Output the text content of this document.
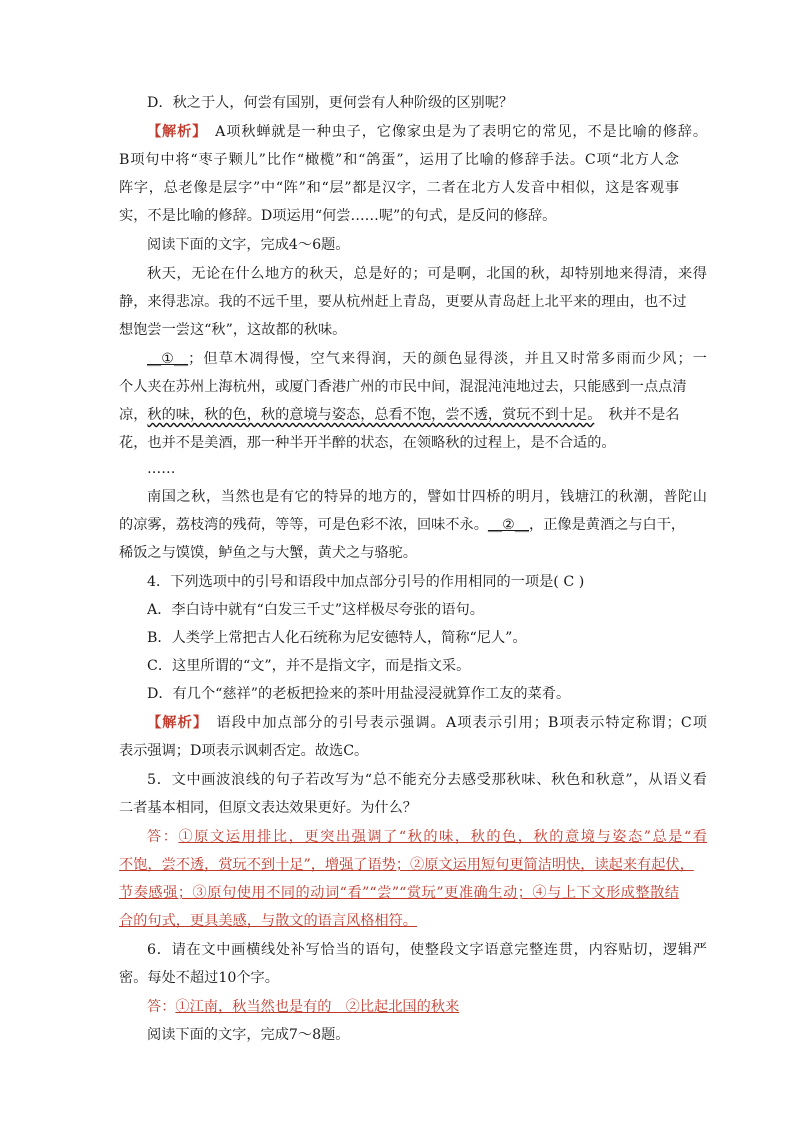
D．秋之于人，何尝有国别，更何尝有人种阶级的区别呢？
【解析】　 A项秋蝉就是一种虫子，它像家虫是为了表明它的常见，不是比喻的修辞。
B项句中将“枣子颗儿”比作“橄榄”和“鸽蛋”，运用了比喻的修辞手法。C项“北方人念
阵字，总老像是层字”中“阵”和“层”都是汉字，二者在北方人发音中相似，这是客观事
实，不是比喻的修辞。D项运用“何尝……呢”的句式，是反问的修辞。
阅读下面的文字，完成4～6题。
秋天，无论在什么地方的秋天，总是好的；可是啊，北国的秋，却特别地来得清，来得
静，来得悲凉。我的不远千里，要从杭州赶上青岛，更要从青岛赶上北平来的理由，也不过
想饱尝一尝这“秋”，这故都的秋味。
__①__；但草木凋得慢，空气来得润，天的颜色显得淡，并且又时常多雨而少风；一
个人夹在苏州上海杭州，或厦门香港广州的市民中间，混混沌沌地过去，只能感到一点点清
凉，秋的味，秋的色，秋的意境与姿态，总看不饱，尝不透，赏玩不到十足。　 秋并不是名
花，也并不是美酒，那一种半开半醉的状态，在领略秋的过程上，是不合适的。
……
南国之秋，当然也是有它的特异的地方的，譬如廿四桥的明月，钱塘江的秋潮，普陀山
的凉雾，荔枝湾的残荷，等等，可是色彩不浓，回味不永。__②__，正像是黄酒之与白干，
稀饭之与馍馍，鲈鱼之与大蟹，黄犬之与骆驼。
4．下列选项中的引号和语段中加点部分引号的作用相同的一项是( C )
A．李白诗中就有“白发三千丈”这样极尽夸张的语句。
B．人类学上常把古人化石统称为尼安德特人，简称“尼人”。
C．这里所谓的“文”，并不是指文字，而是指文采。
D．有几个“慈祥”的老板把捡来的茶叶用盐浸浸就算作工友的菜肴。
【解析】　 语段中加点部分的引号表示强调。A项表示引用；B项表示特定称谓；C项
表示强调；D项表示讽刺否定。故选C。
5．文中画波浪线的句子若改写为“总不能充分去感受那秋味、秋色和秋意”，从语义看
二者基本相同，但原文表达效果更好。为什么？
答：①原文运用排比，更突出强调了“秋的味，秋的色，秋的意境与姿态”总是“看
不饱，尝不透，赏玩不到十足”，增强了语势；②原文运用短句更简洁明快，读起来有起伏，
节奏感强；③原句使用不同的动词“看”“尝”“赏玩”更准确生动；④与上下文形成整散结
合的句式，更具美感，与散文的语言风格相符。
6．请在文中画横线处补写恰当的语句，使整段文字语意完整连贯，内容贴切，逻辑严
密。每处不超过10个字。
答：①江南，秋当然也是有的　②比起北国的秋来
阅读下面的文字，完成7～8题。
